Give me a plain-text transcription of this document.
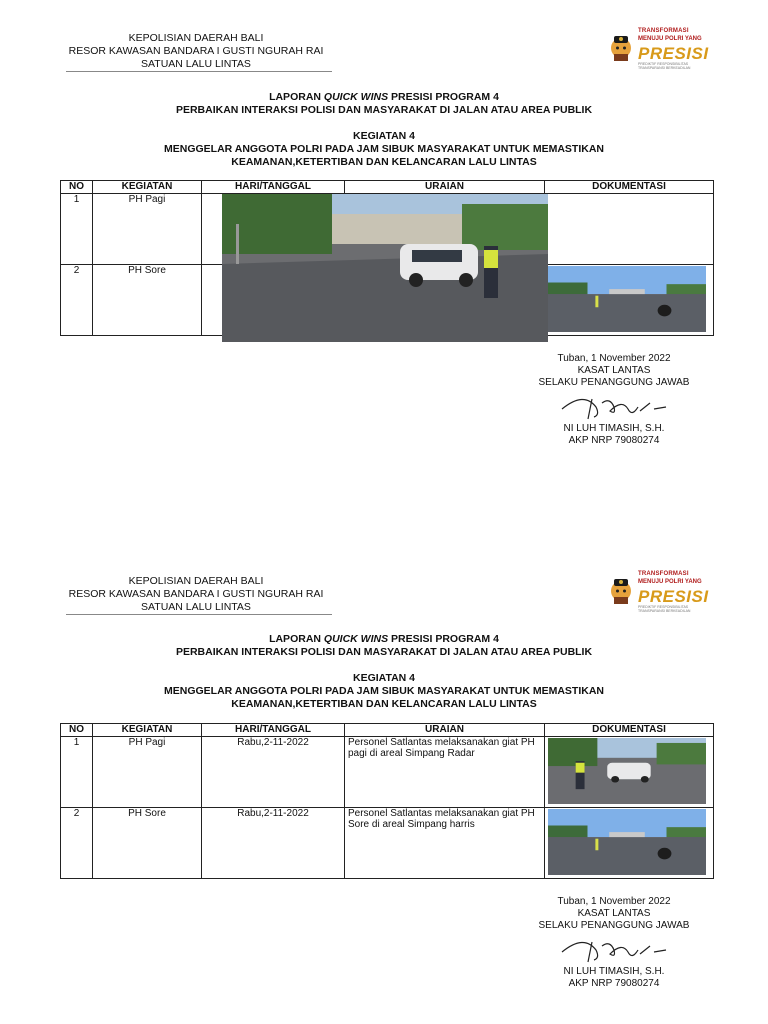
KEPOLISIAN DAERAH BALI
RESOR KAWASAN BANDARA I GUSTI NGURAH RAI
SATUAN LALU LINTAS
TRANSFORMASI
MENUJU POLRI YANG
PRESISI
PREDIKTIF RESPONSIBILITAS TRANSPARANSI BERKEADILAN
LAPORAN QUICK WINS PRESISI PROGRAM 4
PERBAIKAN INTERAKSI POLISI DAN MASYARAKAT DI JALAN ATAU AREA PUBLIK
KEGIATAN 4
MENGGELAR ANGGOTA POLRI PADA JAM SIBUK MASYARAKAT UNTUK MEMASTIKAN
KEAMANAN,KETERTIBAN DAN KELANCARAN LALU LINTAS
NO	KEGIATAN	HARI/TANGGAL	URAIAN	DOKUMENTASI
1	PH Pagi			
2	PH Sore			
Tuban, 1 November 2022
KASAT LANTAS
SELAKU PENANGGUNG JAWAB
NI LUH TIMASIH, S.H.
AKP NRP 79080274
KEPOLISIAN DAERAH BALI
RESOR KAWASAN BANDARA I GUSTI NGURAH RAI
SATUAN LALU LINTAS
TRANSFORMASI
MENUJU POLRI YANG
PRESISI
PREDIKTIF RESPONSIBILITAS TRANSPARANSI BERKEADILAN
LAPORAN QUICK WINS PRESISI PROGRAM 4
PERBAIKAN INTERAKSI POLISI DAN MASYARAKAT DI JALAN ATAU AREA PUBLIK
KEGIATAN 4
MENGGELAR ANGGOTA POLRI PADA JAM SIBUK MASYARAKAT UNTUK MEMASTIKAN
KEAMANAN,KETERTIBAN DAN KELANCARAN LALU LINTAS
NO	KEGIATAN	HARI/TANGGAL	URAIAN	DOKUMENTASI
1	PH Pagi	Rabu,2-11-2022	Personel Satlantas melaksanakan giat PH pagi di areal Simpang Radar	

2	PH Sore	Rabu,2-11-2022	Personel Satlantas melaksanakan giat PH Sore di areal Simpang harris	
Tuban, 1 November 2022
KASAT LANTAS
SELAKU PENANGGUNG JAWAB
NI LUH TIMASIH, S.H.
AKP NRP 79080274
